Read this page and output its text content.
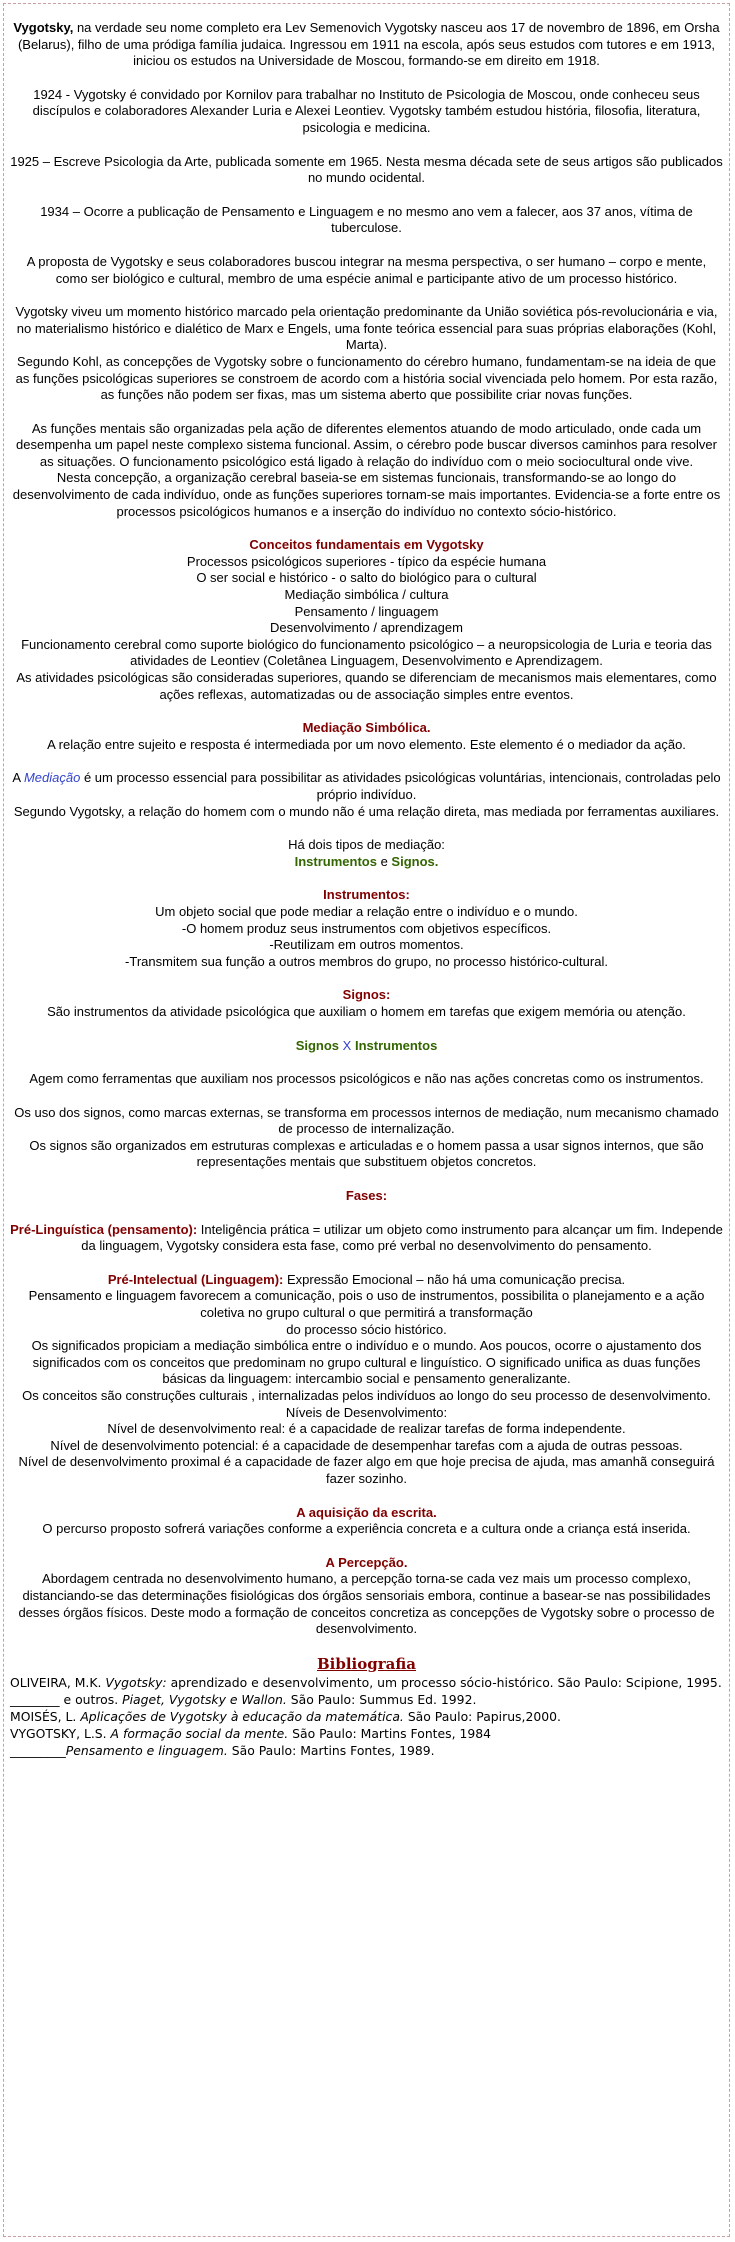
Vygotsky, na verdade seu nome completo era Lev Semenovich Vygotsky nasceu aos 17 de novembro de 1896, em Orsha (Belarus), filho de uma pródiga família judaica. Ingressou em 1911 na escola, após seus estudos com tutores e em 1913, iniciou os estudos na Universidade de Moscou, formando-se em direito em 1918.

1924 - Vygotsky é convidado por Kornilov para trabalhar no Instituto de Psicologia de Moscou, onde conheceu seus discípulos e colaboradores Alexander Luria e Alexei Leontiev. Vygotsky também estudou história, filosofia, literatura, psicologia e medicina.

1925 – Escreve Psicologia da Arte, publicada somente em 1965. Nesta mesma década sete de seus artigos são publicados no mundo ocidental.

1934 – Ocorre a publicação de Pensamento e Linguagem e no mesmo ano vem a falecer, aos 37 anos, vítima de tuberculose.

A proposta de Vygotsky e seus colaboradores buscou integrar na mesma perspectiva, o ser humano – corpo e mente, como ser biológico e cultural, membro de uma espécie animal e participante ativo de um processo histórico.

Vygotsky viveu um momento histórico marcado pela orientação predominante da União soviética pós-revolucionária e via, no materialismo histórico e dialético de Marx e Engels, uma fonte teórica essencial para suas próprias elaborações (Kohl, Marta).

Segundo Kohl, as concepções de Vygotsky sobre o funcionamento do cérebro humano, fundamentam-se na ideia de que as funções psicológicas superiores se constroem de acordo com a história social vivenciada pelo homem. Por esta razão, as funções não podem ser fixas, mas um sistema aberto que possibilite criar novas funções.

As funções mentais são organizadas pela ação de diferentes elementos atuando de modo articulado, onde cada um desempenha um papel neste complexo sistema funcional. Assim, o cérebro pode buscar diversos caminhos para resolver as situações. O funcionamento psicológico está ligado à relação do indivíduo com o meio sociocultural onde vive.

Nesta concepção, a organização cerebral baseia-se em sistemas funcionais, transformando-se ao longo do desenvolvimento de cada indivíduo, onde as funções superiores tornam-se mais importantes. Evidencia-se a forte entre os processos psicológicos humanos e a inserção do indivíduo no contexto sócio-histórico.

Conceitos fundamentais em Vygotsky

Processos psicológicos superiores - típico da espécie humana

O ser social e histórico - o salto do biológico para o cultural

Mediação simbólica / cultura

Pensamento / linguagem

Desenvolvimento / aprendizagem

Funcionamento cerebral como suporte biológico do funcionamento psicológico – a neuropsicologia de Luria e teoria das atividades de Leontiev (Coletânea Linguagem, Desenvolvimento e Aprendizagem.

As atividades psicológicas são consideradas superiores, quando se diferenciam de mecanismos mais elementares, como ações reflexas, automatizadas ou de associação simples entre eventos.

Mediação Simbólica.

A relação entre sujeito e resposta é intermediada por um novo elemento. Este elemento é o mediador da ação.

A Mediação é um processo essencial para possibilitar as atividades psicológicas voluntárias, intencionais, controladas pelo próprio indivíduo.

Segundo Vygotsky, a relação do homem com o mundo não é uma relação direta, mas mediada por ferramentas auxiliares.

Há dois tipos de mediação:

Instrumentos e Signos.

Instrumentos:

Um objeto social que pode mediar a relação entre o indivíduo e o mundo.

-O homem produz seus instrumentos com objetivos específicos.

-Reutilizam em outros momentos.

-Transmitem sua função a outros membros do grupo, no processo histórico-cultural.

Signos:

São instrumentos da atividade psicológica que auxiliam o homem em tarefas que exigem memória ou atenção.

Signos X Instrumentos

Agem como ferramentas que auxiliam nos processos psicológicos e não nas ações concretas como os instrumentos.

Os uso dos signos, como marcas externas, se transforma em processos internos de mediação, num mecanismo chamado de processo de internalização.

Os signos são organizados em estruturas complexas e articuladas e o homem passa a usar signos internos, que são representações mentais que substituem objetos concretos.

Fases:

Pré-Linguística (pensamento): Inteligência prática = utilizar um objeto como instrumento para alcançar um fim. Independe da linguagem, Vygotsky considera esta fase, como pré verbal no desenvolvimento do pensamento.

Pré-Intelectual (Linguagem): Expressão Emocional – não há uma comunicação precisa.

Pensamento e linguagem favorecem a comunicação, pois o uso de instrumentos, possibilita o planejamento e a ação coletiva no grupo cultural o que permitirá a transformação

do processo sócio histórico.

Os significados propiciam a mediação simbólica entre o indivíduo e o mundo. Aos poucos, ocorre o ajustamento dos significados com os conceitos que predominam no grupo cultural e linguístico. O significado unifica as duas funções básicas da linguagem: intercambio social e pensamento generalizante.

Os conceitos são construções culturais , internalizadas pelos indivíduos ao longo do seu processo de desenvolvimento.

Níveis de Desenvolvimento:

Nível de desenvolvimento real: é a capacidade de realizar tarefas de forma independente.

Nível de desenvolvimento potencial: é a capacidade de desempenhar tarefas com a ajuda de outras pessoas.

Nível de desenvolvimento proximal é a capacidade de fazer algo em que hoje precisa de ajuda, mas amanhã conseguirá fazer sozinho.

A aquisição da escrita.

O percurso proposto sofrerá variações conforme a experiência concreta e a cultura onde a criança está inserida.

A Percepção.

Abordagem centrada no desenvolvimento humano, a percepção torna-se cada vez mais um processo complexo, distanciando-se das determinações fisiológicas dos órgãos sensoriais embora, continue a basear-se nas possibilidades desses órgãos físicos. Deste modo a formação de conceitos concretiza as concepções de Vygotsky sobre o processo de desenvolvimento.

Bibliografia

OLIVEIRA, M.K. Vygotsky: aprendizado e desenvolvimento, um processo sócio-histórico. São Paulo: Scipione, 1995.

________ e outros. Piaget, Vygotsky e Wallon. São Paulo: Summus Ed. 1992.

MOISÉS, L. Aplicações de Vygotsky à educação da matemática. São Paulo: Papirus,2000.

VYGOTSKY, L.S. A formação social da mente. São Paulo: Martins Fontes, 1984

_________Pensamento e linguagem. São Paulo: Martins Fontes, 1989.
